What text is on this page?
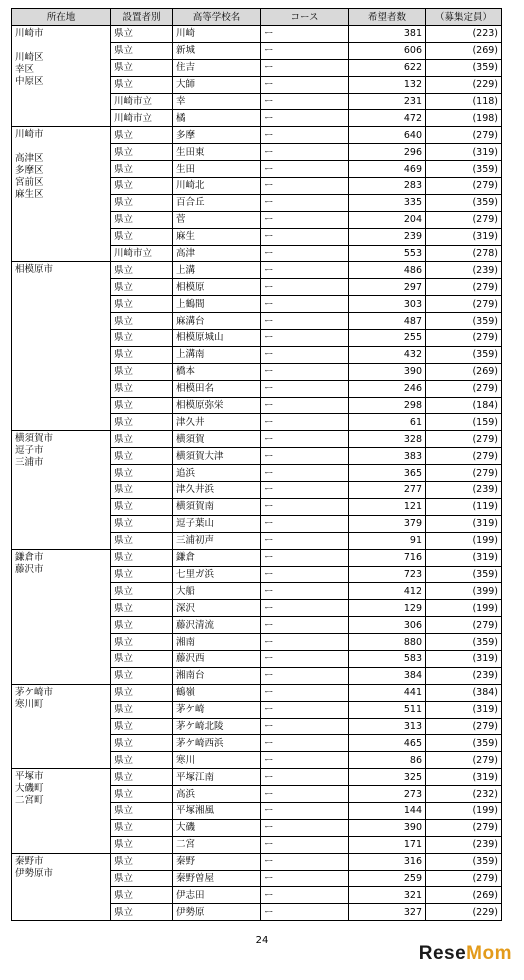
所在地	設置者別	高等学校名	コース	希望者数	（募集定員）

川崎市

川崎区
幸区
中原区	県立	川崎	ー	381	(223)
	県立	新城	ー	606	(269)
	県立	住吉	ー	622	(359)
	県立	大師	ー	132	(229)
	川崎市立	幸	ー	231	(118)
	川崎市立	橘	ー	472	(198)

川崎市

高津区
多摩区
宮前区
麻生区	県立	多摩	ー	640	(279)
	県立	生田東	ー	296	(319)
	県立	生田	ー	469	(359)
	県立	川崎北	ー	283	(279)
	県立	百合丘	ー	335	(359)
	県立	菅	ー	204	(279)
	県立	麻生	ー	239	(319)
	川崎市立	高津	ー	553	(278)

相模原市	県立	上溝	ー	486	(239)
	県立	相模原	ー	297	(279)
	県立	上鶴間	ー	303	(279)
	県立	麻溝台	ー	487	(359)
	県立	相模原城山	ー	255	(279)
	県立	上溝南	ー	432	(359)
	県立	橋本	ー	390	(269)
	県立	相模田名	ー	246	(279)
	県立	相模原弥栄	ー	298	(184)
	県立	津久井	ー	61	(159)

横須賀市
逗子市
三浦市	県立	横須賀	ー	328	(279)
	県立	横須賀大津	ー	383	(279)
	県立	追浜	ー	365	(279)
	県立	津久井浜	ー	277	(239)
	県立	横須賀南	ー	121	(119)
	県立	逗子葉山	ー	379	(319)
	県立	三浦初声	ー	91	(199)

鎌倉市
藤沢市	県立	鎌倉	ー	716	(319)
	県立	七里ガ浜	ー	723	(359)
	県立	大船	ー	412	(399)
	県立	深沢	ー	129	(199)
	県立	藤沢清流	ー	306	(279)
	県立	湘南	ー	880	(359)
	県立	藤沢西	ー	583	(319)
	県立	湘南台	ー	384	(239)

茅ケ崎市
寒川町	県立	鶴嶺	ー	441	(384)
	県立	茅ケ崎	ー	511	(319)
	県立	茅ケ崎北陵	ー	313	(279)
	県立	茅ケ崎西浜	ー	465	(359)
	県立	寒川	ー	86	(279)

平塚市
大磯町
二宮町	県立	平塚江南	ー	325	(319)
	県立	高浜	ー	273	(232)
	県立	平塚湘風	ー	144	(199)
	県立	大磯	ー	390	(279)
	県立	二宮	ー	171	(239)

秦野市
伊勢原市	県立	秦野	ー	316	(359)
	県立	秦野曽屋	ー	259	(279)
	県立	伊志田	ー	321	(269)
	県立	伊勢原	ー	327	(229)
24
ReseMom
